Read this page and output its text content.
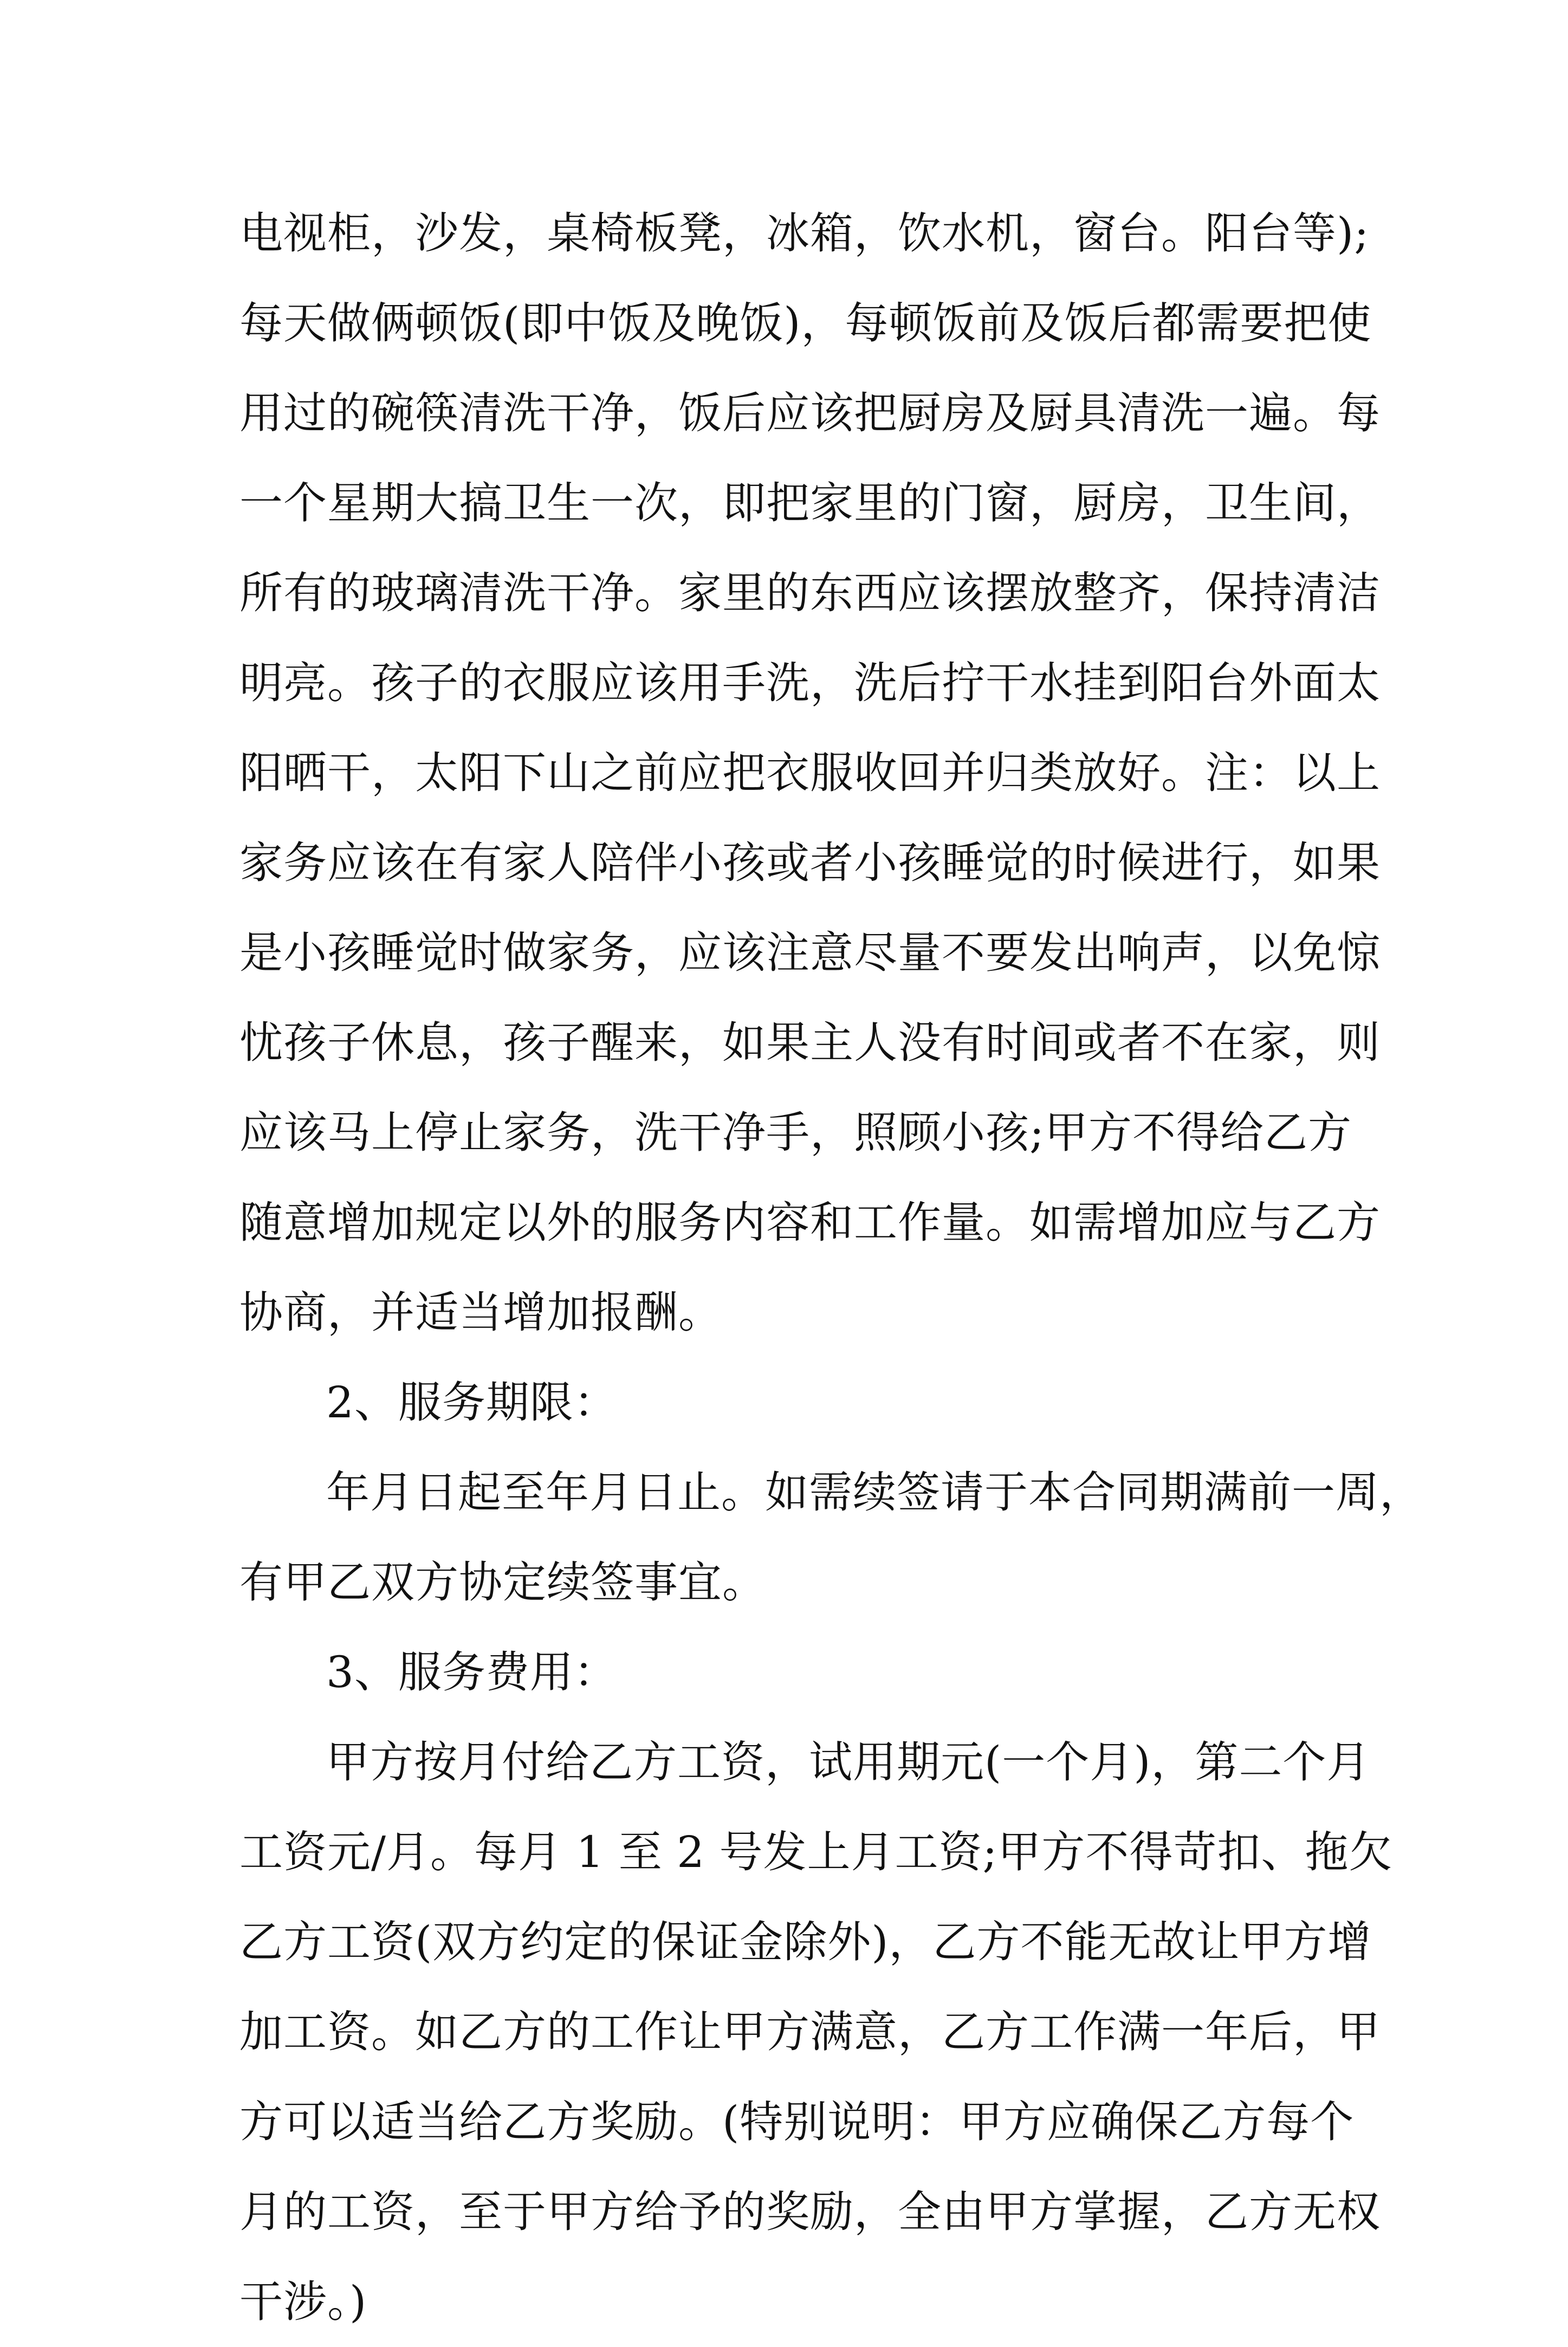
电视柜，沙发，桌椅板凳，冰箱，饮水机，窗台。阳台等);
每天做俩顿饭(即中饭及晚饭)，每顿饭前及饭后都需要把使
用过的碗筷清洗干净，饭后应该把厨房及厨具清洗一遍。每
一个星期大搞卫生一次，即把家里的门窗，厨房，卫生间，
所有的玻璃清洗干净。家里的东西应该摆放整齐，保持清洁
明亮。孩子的衣服应该用手洗，洗后拧干水挂到阳台外面太
阳晒干，太阳下山之前应把衣服收回并归类放好。注：以上
家务应该在有家人陪伴小孩或者小孩睡觉的时候进行，如果
是小孩睡觉时做家务，应该注意尽量不要发出响声，以免惊
忧孩子休息，孩子醒来，如果主人没有时间或者不在家，则
应该马上停止家务，洗干净手，照顾小孩;甲方不得给乙方
随意增加规定以外的服务内容和工作量。如需增加应与乙方
协商，并适当增加报酬。
2、服务期限：
年月日起至年月日止。如需续签请于本合同期满前一周，
有甲乙双方协定续签事宜。
3、服务费用：
甲方按月付给乙方工资，试用期元(一个月)，第二个月
工资元/月。每月 1 至 2 号发上月工资;甲方不得苛扣、拖欠
乙方工资(双方约定的保证金除外)，乙方不能无故让甲方增
加工资。如乙方的工作让甲方满意，乙方工作满一年后，甲
方可以适当给乙方奖励。(特别说明：甲方应确保乙方每个
月的工资，至于甲方给予的奖励，全由甲方掌握，乙方无权
干涉。)
